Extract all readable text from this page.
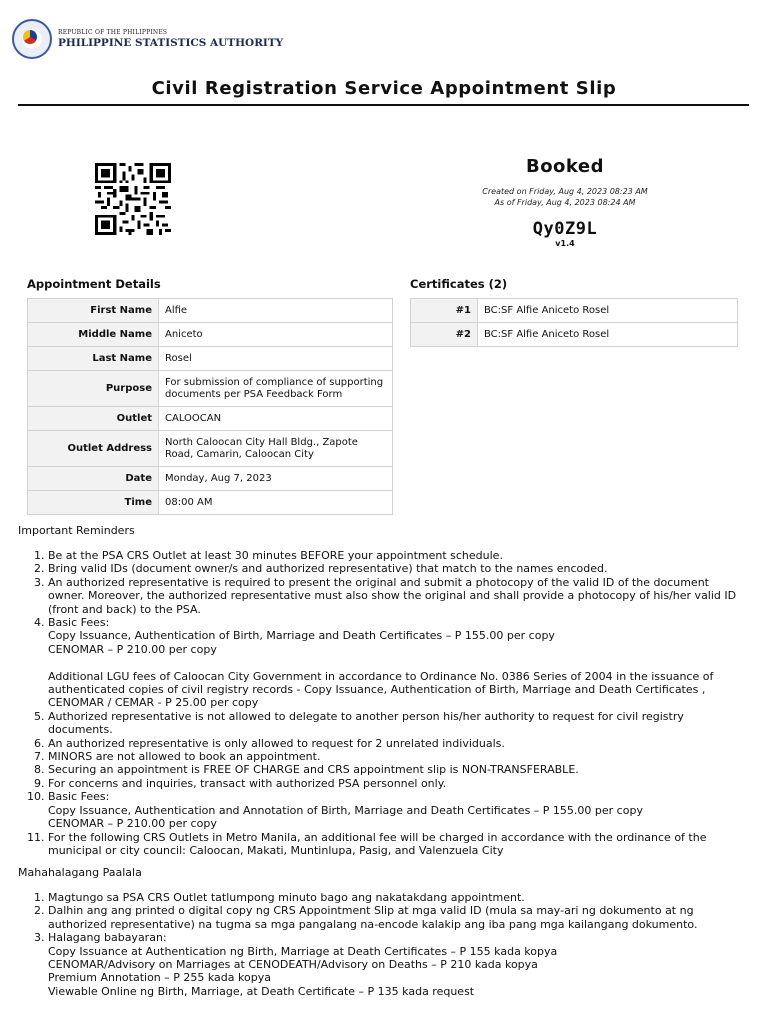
REPUBLIC OF THE PHILIPPINES
PHILIPPINE STATISTICS AUTHORITY
Civil Registration Service Appointment Slip
Booked
Created on Friday, Aug 4, 2023 08:23 AM
As of Friday, Aug 4, 2023 08:24 AM
Qy0Z9L
v1.4
Appointment Details
First Name	Alfie
Middle Name	Aniceto
Last Name	Rosel
Purpose	For submission of compliance of supporting documents per PSA Feedback Form
Outlet	CALOOCAN
Outlet Address	North Caloocan City Hall Bldg., Zapote Road, Camarin, Caloocan City
Date	Monday, Aug 7, 2023
Time	08:00 AM
Certificates (2)
#1	BC:SF Alfie Aniceto Rosel
#2	BC:SF Alfie Aniceto Rosel
Important Reminders
1. Be at the PSA CRS Outlet at least 30 minutes BEFORE your appointment schedule.
2. Bring valid IDs (document owner/s and authorized representative) that match to the names encoded.
3. An authorized representative is required to present the original and submit a photocopy of the valid ID of the document owner. Moreover, the authorized representative must also show the original and shall provide a photocopy of his/her valid ID (front and back) to the PSA.
4. Basic Fees:
Copy Issuance, Authentication of Birth, Marriage and Death Certificates – P 155.00 per copy
CENOMAR – P 210.00 per copy
Additional LGU fees of Caloocan City Government in accordance to Ordinance No. 0386 Series of 2004 in the issuance of authenticated copies of civil registry records - Copy Issuance, Authentication of Birth, Marriage and Death Certificates , CENOMAR / CEMAR - P 25.00 per copy
5. Authorized representative is not allowed to delegate to another person his/her authority to request for civil registry documents.
6. An authorized representative is only allowed to request for 2 unrelated individuals.
7. MINORS are not allowed to book an appointment.
8. Securing an appointment is FREE OF CHARGE and CRS appointment slip is NON-TRANSFERABLE.
9. For concerns and inquiries, transact with authorized PSA personnel only.
10. Basic Fees:
Copy Issuance, Authentication and Annotation of Birth, Marriage and Death Certificates – P 155.00 per copy
CENOMAR – P 210.00 per copy
11. For the following CRS Outlets in Metro Manila, an additional fee will be charged in accordance with the ordinance of the municipal or city council: Caloocan, Makati, Muntinlupa, Pasig, and Valenzuela City
Mahahalagang Paalala
1. Magtungo sa PSA CRS Outlet tatlumpong minuto bago ang nakatakdang appointment.
2. Dalhin ang ang printed o digital copy ng CRS Appointment Slip at mga valid ID (mula sa may-ari ng dokumento at ng authorized representative) na tugma sa mga pangalang na-encode kalakip ang iba pang mga kailangang dokumento.
3. Halagang babayaran:
Copy Issuance at Authentication ng Birth, Marriage at Death Certificates – P 155 kada kopya
CENOMAR/Advisory on Marriages at CENODEATH/Advisory on Deaths – P 210 kada kopya
Premium Annotation – P 255 kada kopya
Viewable Online ng Birth, Marriage, at Death Certificate – P 135 kada request
